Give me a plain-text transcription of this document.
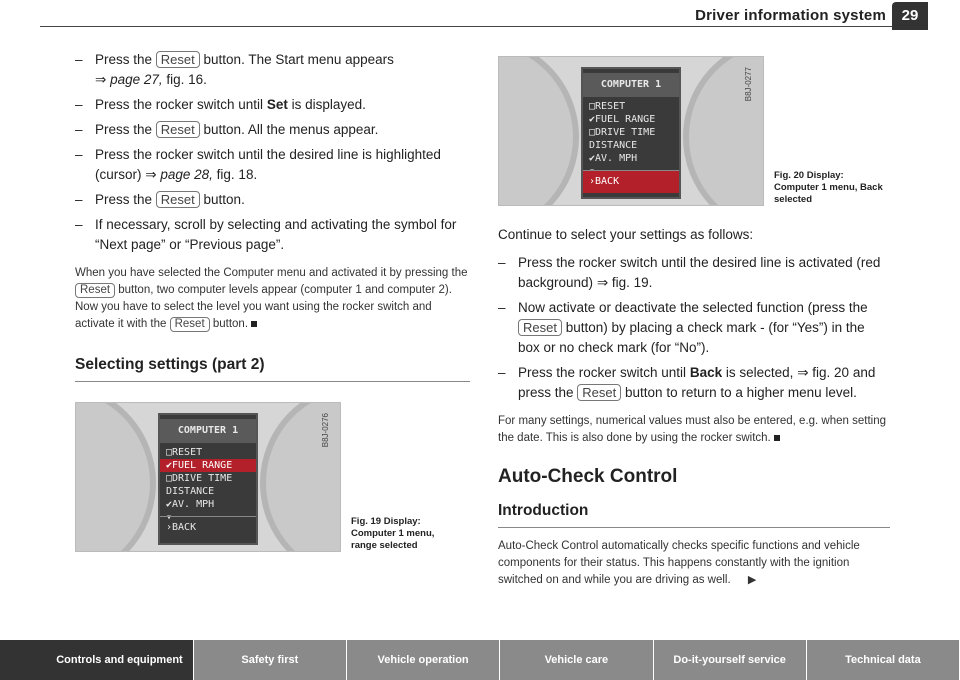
Driver information system	29
– Press the Reset button. The Start menu appears
⇒ page 27, fig. 16.
– Press the rocker switch until Set is displayed.
– Press the Reset button. All the menus appear.
– Press the rocker switch until the desired line is highlighted (cursor) ⇒ page 28, fig. 18.
– Press the Reset button.
– If necessary, scroll by selecting and activating the symbol for “Next page” or “Previous page”.

When you have selected the Computer menu and activated it by pressing the Reset button, two computer levels appear (computer 1 and computer 2). Now you have to select the level you want using the rocker switch and activate it with the Reset button.

Selecting settings (part 2)
COMPUTER 1
□RESET
✔FUEL RANGE
□DRIVE TIME
DISTANCE
✔AV. MPH
▾
›BACK
B8J-0276
Fig. 19 Display: Computer 1 menu, range selected
COMPUTER 1
□RESET
✔FUEL RANGE
□DRIVE TIME
DISTANCE
✔AV. MPH
›BACK
B8J-0277
Fig. 20 Display: Computer 1 menu, Back selected

Continue to select your settings as follows:

– Press the rocker switch until the desired line is activated (red background) ⇒ fig. 19.
– Now activate or deactivate the selected function (press the Reset button) by placing a check mark - (for “Yes”) in the box or no check mark (for “No”).
– Press the rocker switch until Back is selected, ⇒ fig. 20 and press the Reset button to return to a higher menu level.

For many settings, numerical values must also be entered, e.g. when setting the date. This is also done by using the rocker switch.

Auto-Check Control
Introduction

Auto-Check Control automatically checks specific functions and vehicle components for their status. This happens constantly with the ignition switched on and while you are driving as well. ▶

Controls and equipment	Safety first	Vehicle operation	Vehicle care	Do-it-yourself service	Technical data
